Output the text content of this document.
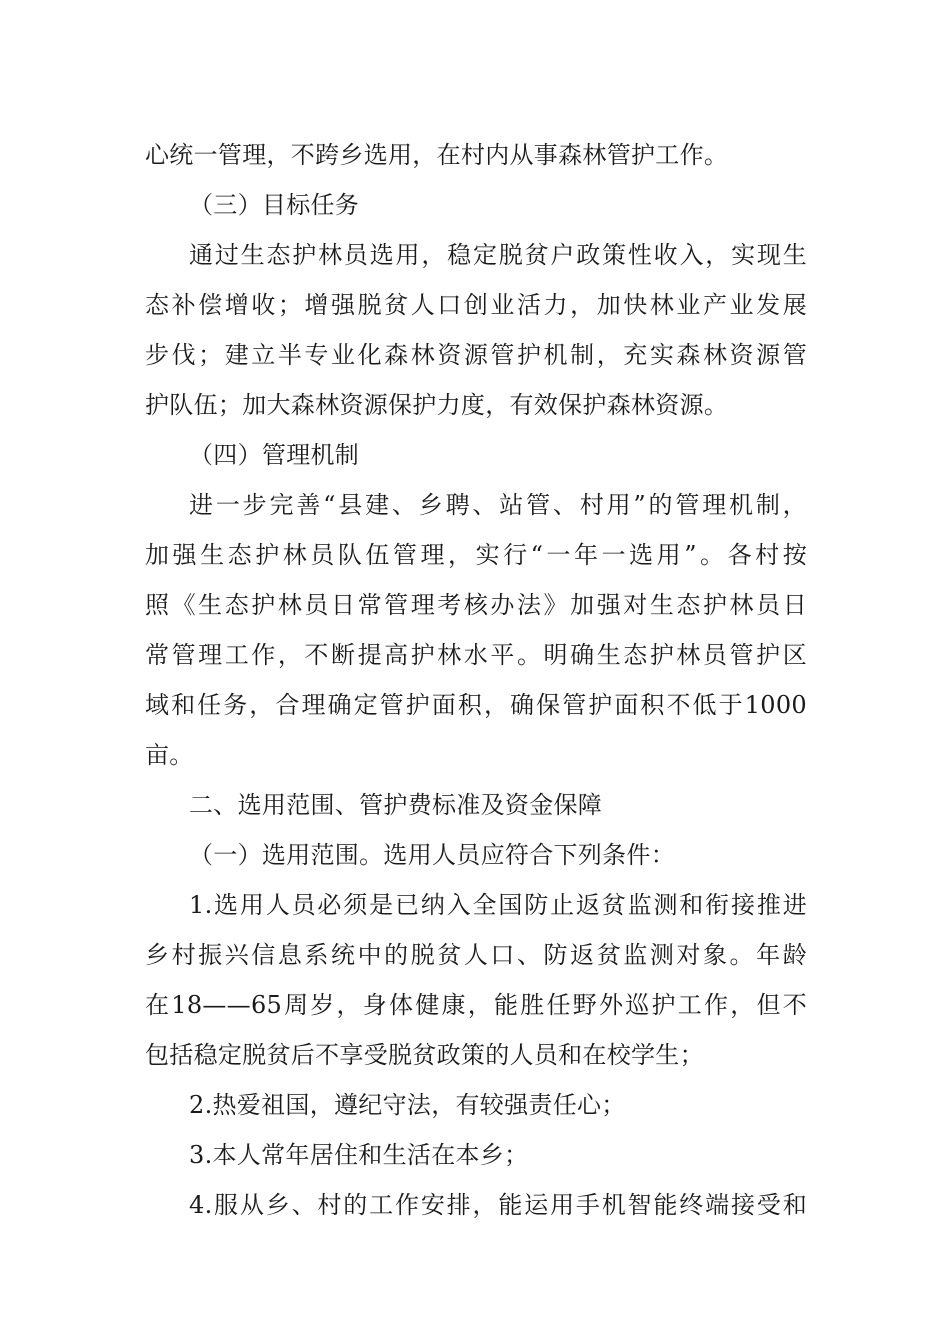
心统一管理，不跨乡选用，在村内从事森林管护工作。
（三）目标任务
通过生态护林员选用，稳定脱贫户政策性收入，实现生
态补偿增收；增强脱贫人口创业活力，加快林业产业发展
步伐；建立半专业化森林资源管护机制，充实森林资源管
护队伍；加大森林资源保护力度，有效保护森林资源。
（四）管理机制
进一步完善“县建、乡聘、站管、村用”的管理机制，
加强生态护林员队伍管理，实行“一年一选用”。各村按
照《生态护林员日常管理考核办法》加强对生态护林员日
常管理工作，不断提高护林水平。明确生态护林员管护区
域和任务，合理确定管护面积，确保管护面积不低于1000
亩。
二、选用范围、管护费标准及资金保障
（一）选用范围。选用人员应符合下列条件：
1.选用人员必须是已纳入全国防止返贫监测和衔接推进
乡村振兴信息系统中的脱贫人口、防返贫监测对象。年龄
在18——65周岁，身体健康，能胜任野外巡护工作，但不
包括稳定脱贫后不享受脱贫政策的人员和在校学生；
2.热爱祖国，遵纪守法，有较强责任心；
3.本人常年居住和生活在本乡；
4.服从乡、村的工作安排，能运用手机智能终端接受和
